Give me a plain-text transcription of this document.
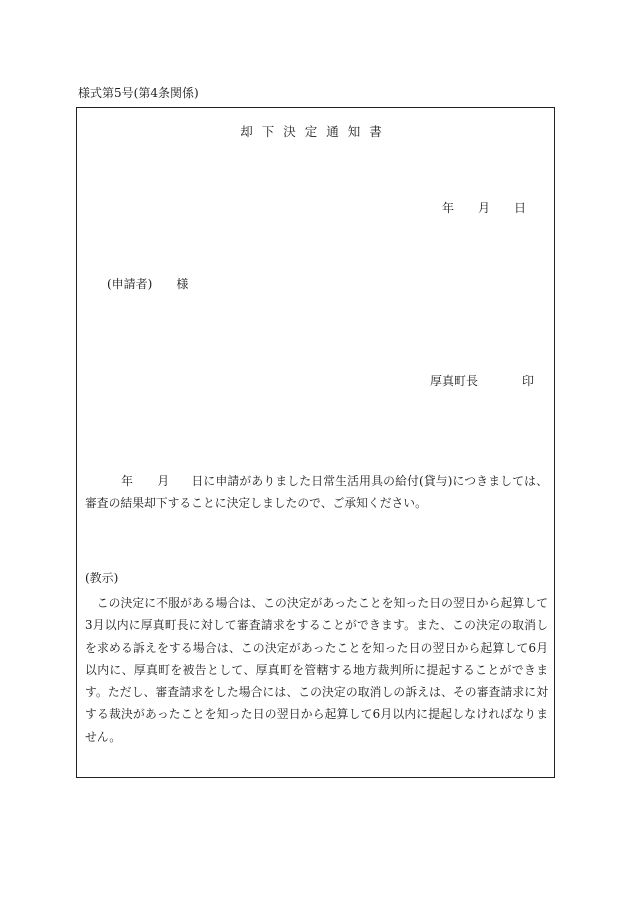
様式第5号(第4条関係)
却下決定通知書
年 月 日
(申請者) 様
厚真町長	印
年 月 日に申請がありました日常生活用具の給付(貸与)につきましては、審査の結果却下することに決定しましたので、ご承知ください。
(教示)
この決定に不服がある場合は、この決定があったことを知った日の翌日から起算して3月以内に厚真町長に対して審査請求をすることができます。また、この決定の取消しを求める訴えをする場合は、この決定があったことを知った日の翌日から起算して6月以内に、厚真町を被告として、厚真町を管轄する地方裁判所に提起することができます。ただし、審査請求をした場合には、この決定の取消しの訴えは、その審査請求に対する裁決があったことを知った日の翌日から起算して6月以内に提起しなければなりません。
